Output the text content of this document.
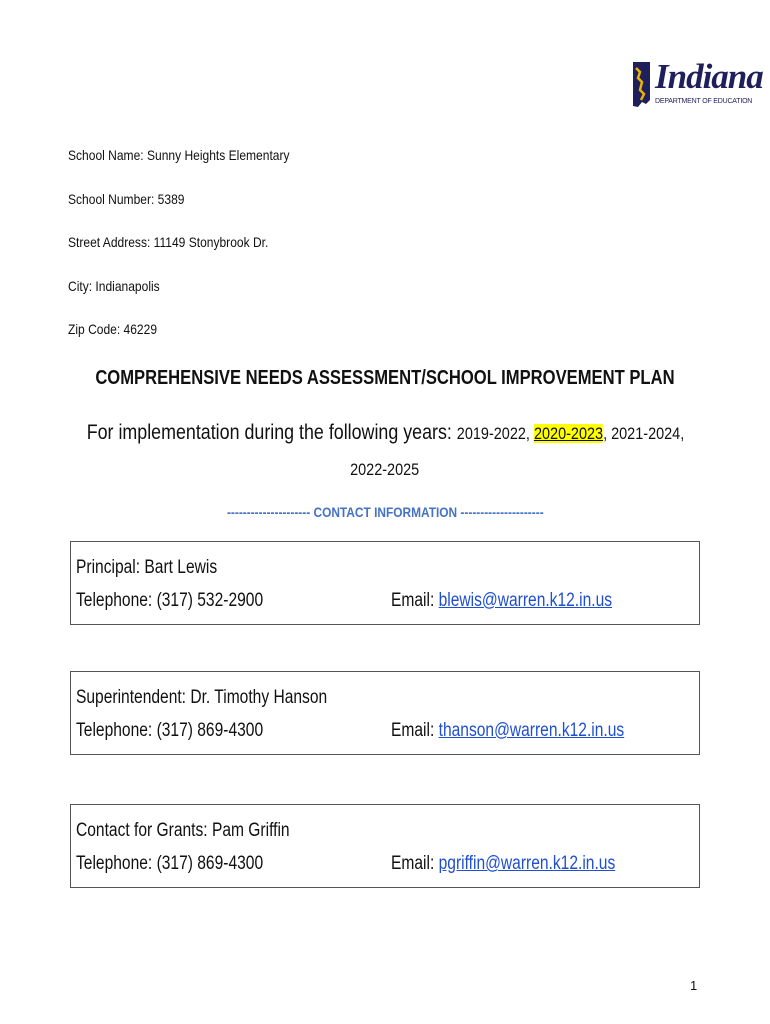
Indiana
DEPARTMENT OF EDUCATION
School Name: Sunny Heights Elementary
School Number: 5389
Street Address: 11149 Stonybrook Dr.
City: Indianapolis
Zip Code: 46229
COMPREHENSIVE NEEDS ASSESSMENT/SCHOOL IMPROVEMENT PLAN
For implementation during the following years: 2019-2022, 2020-2023, 2021-2024,
2022-2025
--------------------- CONTACT INFORMATION ---------------------
Principal: Bart Lewis
Telephone: (317) 532-2900	Email: blewis@warren.k12.in.us
Superintendent: Dr. Timothy Hanson
Telephone: (317) 869-4300	Email: thanson@warren.k12.in.us
Contact for Grants: Pam Griffin
Telephone: (317) 869-4300	Email: pgriffin@warren.k12.in.us
1
